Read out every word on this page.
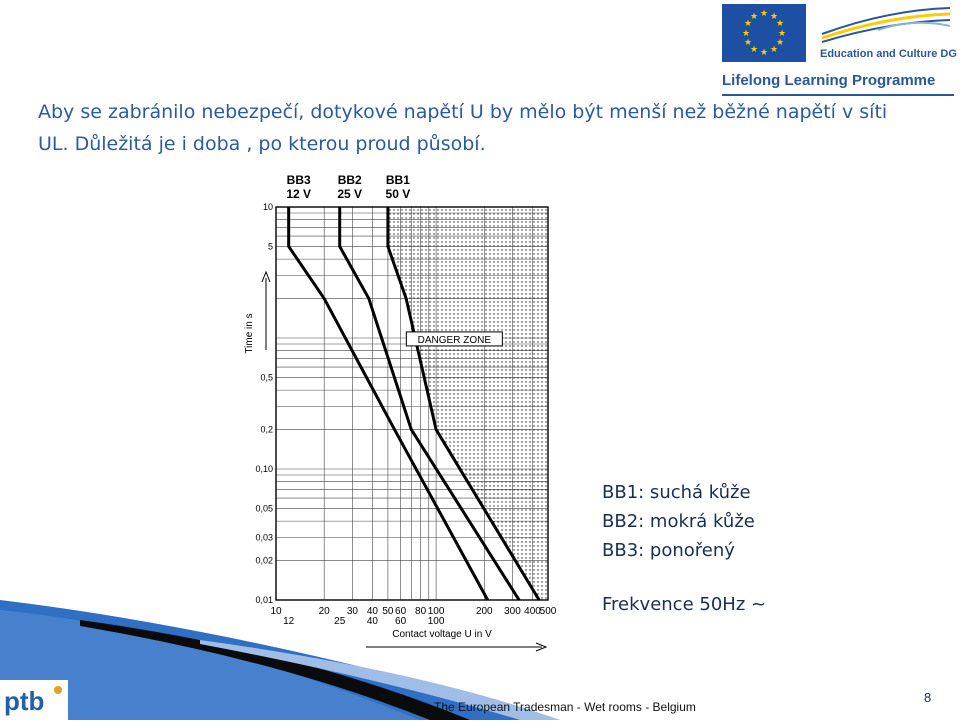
Aby se zabránilo nebezpečí, dotykové napětí U by mělo být menší než běžné napětí v síti UL. Důležitá je i doba , po kterou proud působí.
★ ★
★
★
★
★
★
★
★
★
★
★
Education and Culture DG
Lifelong Learning Programme
BB3
12 V
BB2
25 V
BB1
50 V
0,01
0,02
0,03
0,05
0,10
0,2
0,5
5
10
Time in s
10	20 30 40 50 60 80 100	200 300 400
500
12	25 40 60 100
Contact voltage U in V
DANGER ZONE
BB1: suchá kůže
BB2: mokrá kůže
BB3: ponořený
Frekvence 50Hz ~
ptb	The European Tradesman - Wet rooms - Belgium
8
